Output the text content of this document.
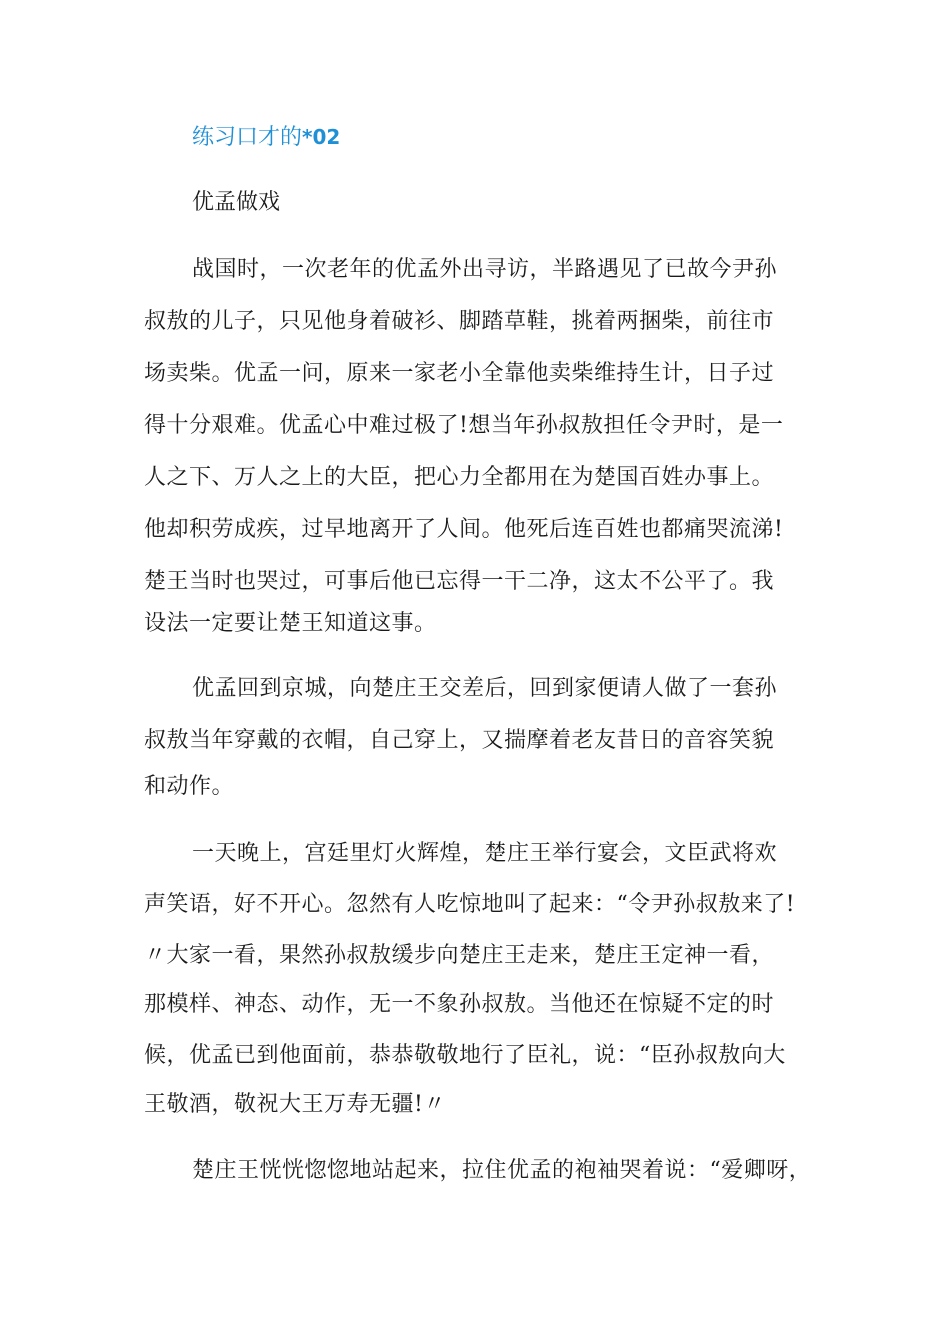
练习口才的*02
优孟做戏
战国时，一次老年的优孟外出寻访，半路遇见了已故今尹孙
叔敖的儿子，只见他身着破衫、脚踏草鞋，挑着两捆柴，前往市
场卖柴。优孟一问，原来一家老小全靠他卖柴维持生计，日子过
得十分艰难。优孟心中难过极了!想当年孙叔敖担任令尹时，是一
人之下、万人之上的大臣，把心力全都用在为楚国百姓办事上。
他却积劳成疾，过早地离开了人间。他死后连百姓也都痛哭流涕!
楚王当时也哭过，可事后他已忘得一干二净，这太不公平了。我
设法一定要让楚王知道这事。
优孟回到京城，向楚庄王交差后，回到家便请人做了一套孙
叔敖当年穿戴的衣帽，自己穿上，又揣摩着老友昔日的音容笑貌
和动作。
一天晚上，宫廷里灯火辉煌，楚庄王举行宴会，文臣武将欢
声笑语，好不开心。忽然有人吃惊地叫了起来：“令尹孙叔敖来了!
〃大家一看，果然孙叔敖缓步向楚庄王走来，楚庄王定神一看，
那模样、神态、动作，无一不象孙叔敖。当他还在惊疑不定的时
候，优孟已到他面前，恭恭敬敬地行了臣礼，说：“臣孙叔敖向大
王敬酒，敬祝大王万寿无疆!〃
楚庄王恍恍惚惚地站起来，拉住优孟的袍袖哭着说：“爱卿呀，
